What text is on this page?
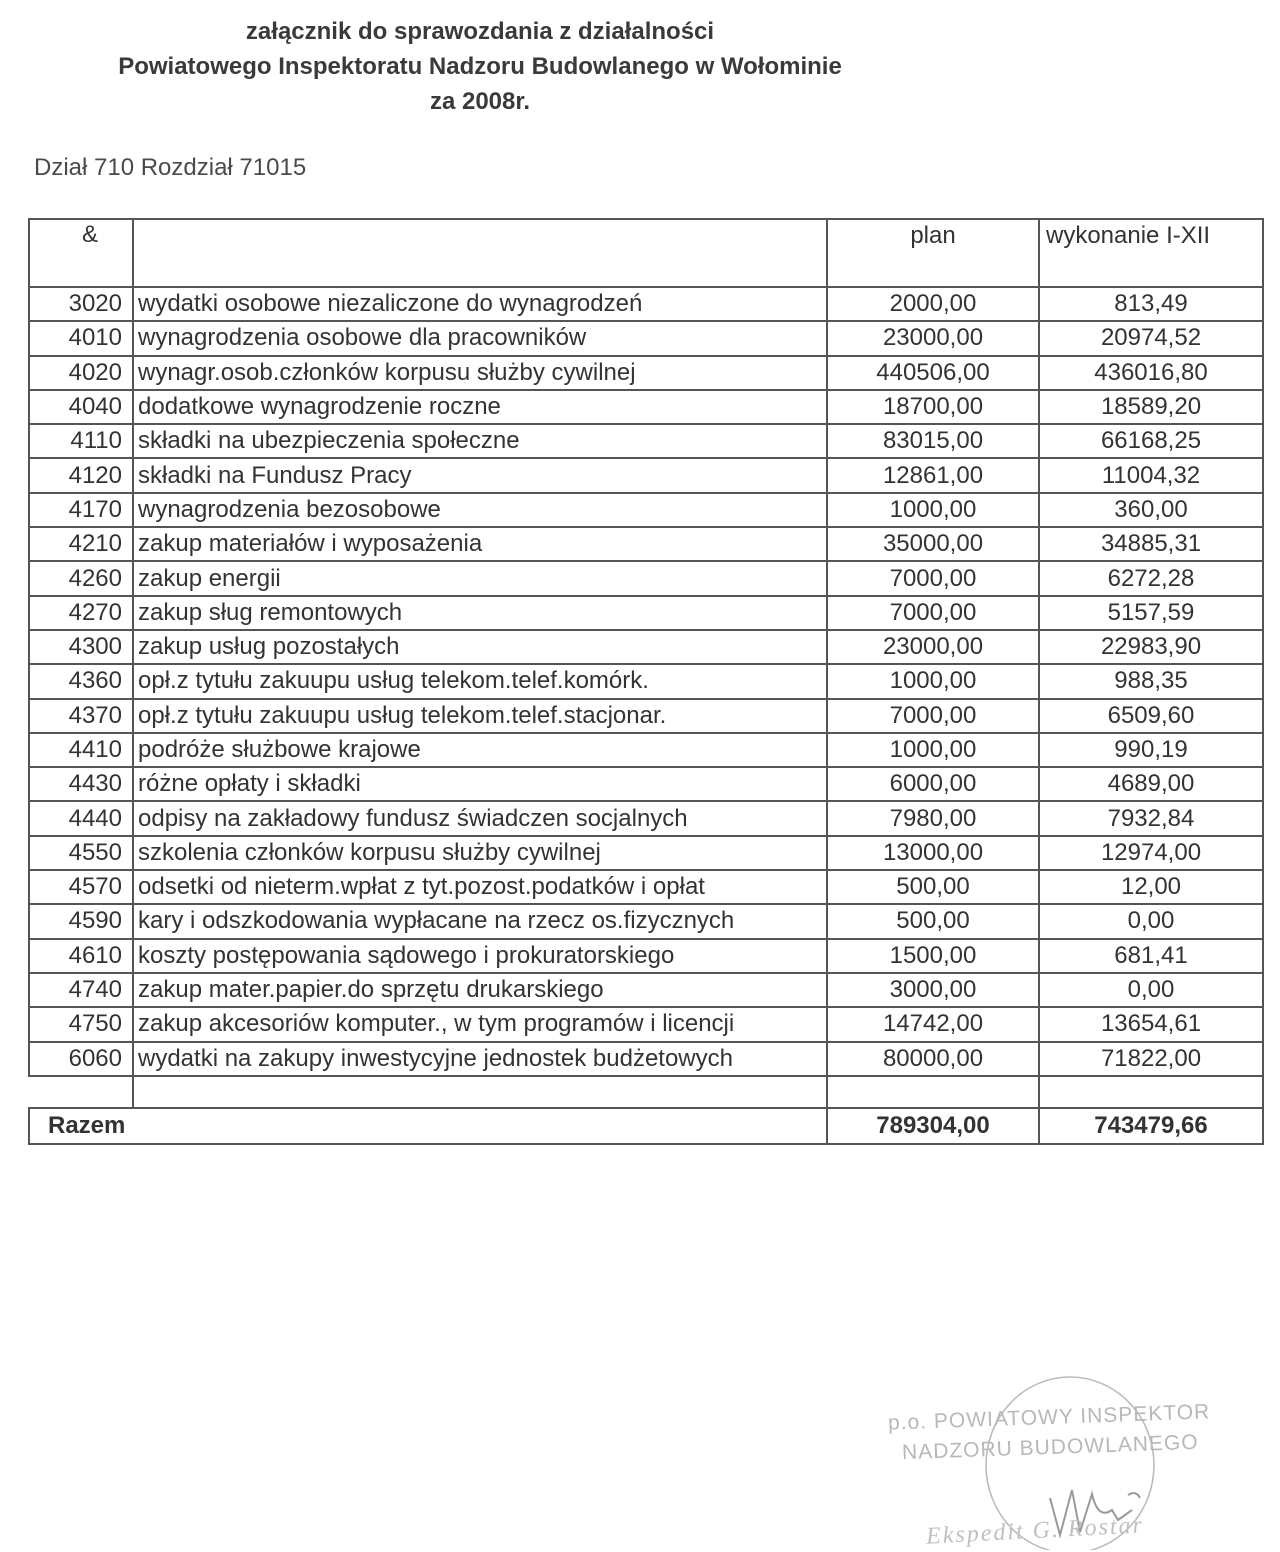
załącznik do sprawozdania z działalności
Powiatowego Inspektoratu Nadzoru Budowlanego w Wołominie
za 2008r.
Dział 710 Rozdział 71015
&		plan	wykonanie I-XII
3020	wydatki osobowe niezaliczone do wynagrodzeń	2000,00	813,49
4010	wynagrodzenia osobowe dla pracowników	23000,00	20974,52
4020	wynagr.osob.członków korpusu służby cywilnej	440506,00	436016,80
4040	dodatkowe wynagrodzenie roczne	18700,00	18589,20
4110	składki na ubezpieczenia społeczne	83015,00	66168,25
4120	składki na Fundusz Pracy	12861,00	11004,32
4170	wynagrodzenia bezosobowe	1000,00	360,00
4210	zakup materiałów i wyposażenia	35000,00	34885,31
4260	zakup energii	7000,00	6272,28
4270	zakup sług remontowych	7000,00	5157,59
4300	zakup usług pozostałych	23000,00	22983,90
4360	opł.z tytułu zakuupu usług telekom.telef.komórk.	1000,00	988,35
4370	opł.z tytułu zakuupu usług telekom.telef.stacjonar.	7000,00	6509,60
4410	podróże służbowe krajowe	1000,00	990,19
4430	różne opłaty i składki	6000,00	4689,00
4440	odpisy na zakładowy fundusz świadczen socjalnych	7980,00	7932,84
4550	szkolenia członków korpusu służby cywilnej	13000,00	12974,00
4570	odsetki od nieterm.wpłat z tyt.pozost.podatków i opłat	500,00	12,00
4590	kary i odszkodowania wypłacane na rzecz os.fizycznych	500,00	0,00
4610	koszty postępowania sądowego i prokuratorskiego	1500,00	681,41
4740	zakup mater.papier.do sprzętu drukarskiego	3000,00	0,00
4750	zakup akcesoriów komputer., w tym programów i licencji	14742,00	13654,61
6060	wydatki na zakupy inwestycyjne jednostek budżetowych	80000,00	71822,00

Razem		789304,00	743479,66
p.o. POWIATOWY INSPEKTOR
NADZORU BUDOWLANEGO
Ekspedit G. Rostar
